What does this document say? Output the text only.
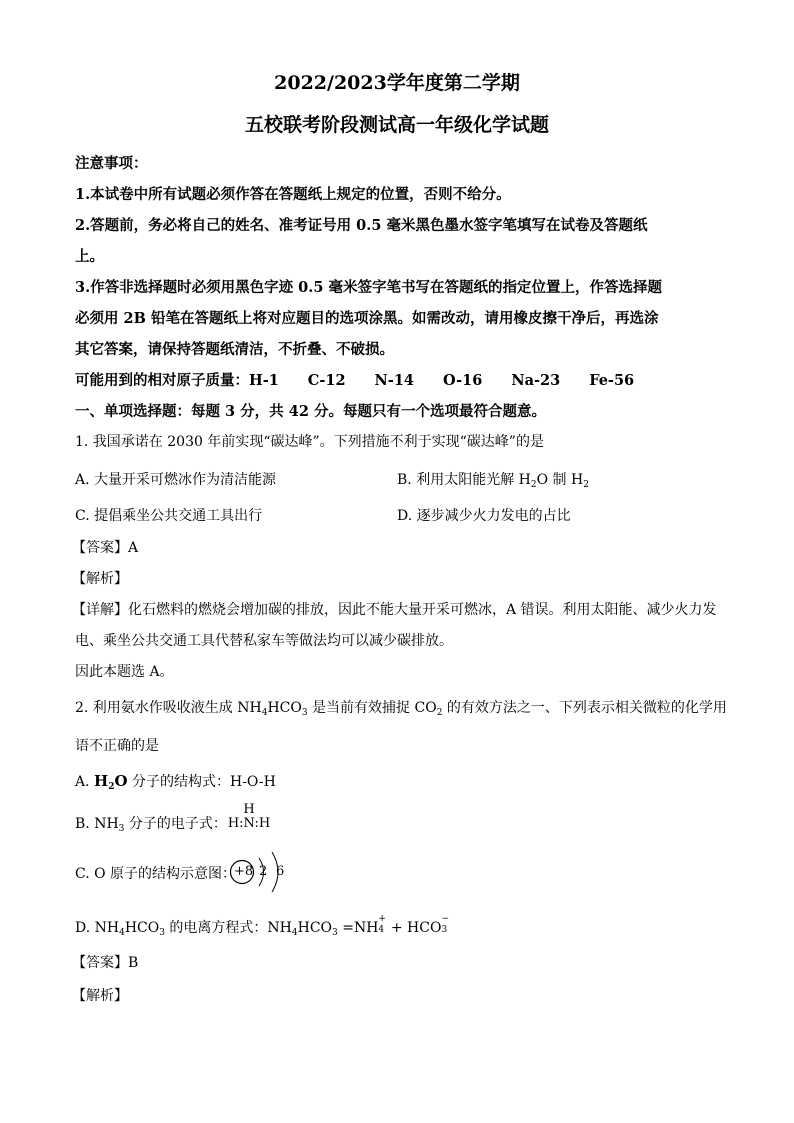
2022/2023学年度第二学期
五校联考阶段测试高一年级化学试题
注意事项：
1.本试卷中所有试题必须作答在答题纸上规定的位置，否则不给分。
2.答题前，务必将自己的姓名、准考证号用 0.5 毫米黑色墨水签字笔填写在试卷及答题纸
上。
3.作答非选择题时必须用黑色字迹 0.5 毫米签字笔书写在答题纸的指定位置上，作答选择题
必须用 2B 铅笔在答题纸上将对应题目的选项涂黑。如需改动，请用橡皮擦干净后，再选涂
其它答案，请保持答题纸清洁，不折叠、不破损。
可能用到的相对原子质量：H-1　　C-12　　N-14　　O-16　　Na-23　　Fe-56
一、单项选择题：每题 3 分，共 42 分。每题只有一个选项最符合题意。
1. 我国承诺在 2030 年前实现“碳达峰”。下列措施不利于实现“碳达峰”的是
A. 大量开采可燃冰作为清洁能源	B. 利用太阳能光解 $H_2O$ 制 $H_2$
C. 提倡乘坐公共交通工具出行	D. 逐步减少火力发电的占比
【答案】A
【解析】
【详解】化石燃料的燃烧会增加碳的排放，因此不能大量开采可燃冰，A 错误。利用太阳能、减少火力发
电、乘坐公共交通工具代替私家车等做法均可以减少碳排放。
因此本题选 A。
2. 利用氨水作吸收液生成 $NH_4HCO_3$ 是当前有效捕捉 $CO_2$ 的有效方法之一、下列表示相关微粒的化学用
语不正确的是
A. $H_2O$ 分子的结构式：H-O-H
B. $NH_3$ 分子的电子式：
H
H:N:H
C. O 原子的结构示意图：
+8 2 6
D. $NH_4HCO_3$ 的电离方程式：$NH_4HCO_3 =NH$
+
4 + HCO
−
3
【答案】B
【解析】
